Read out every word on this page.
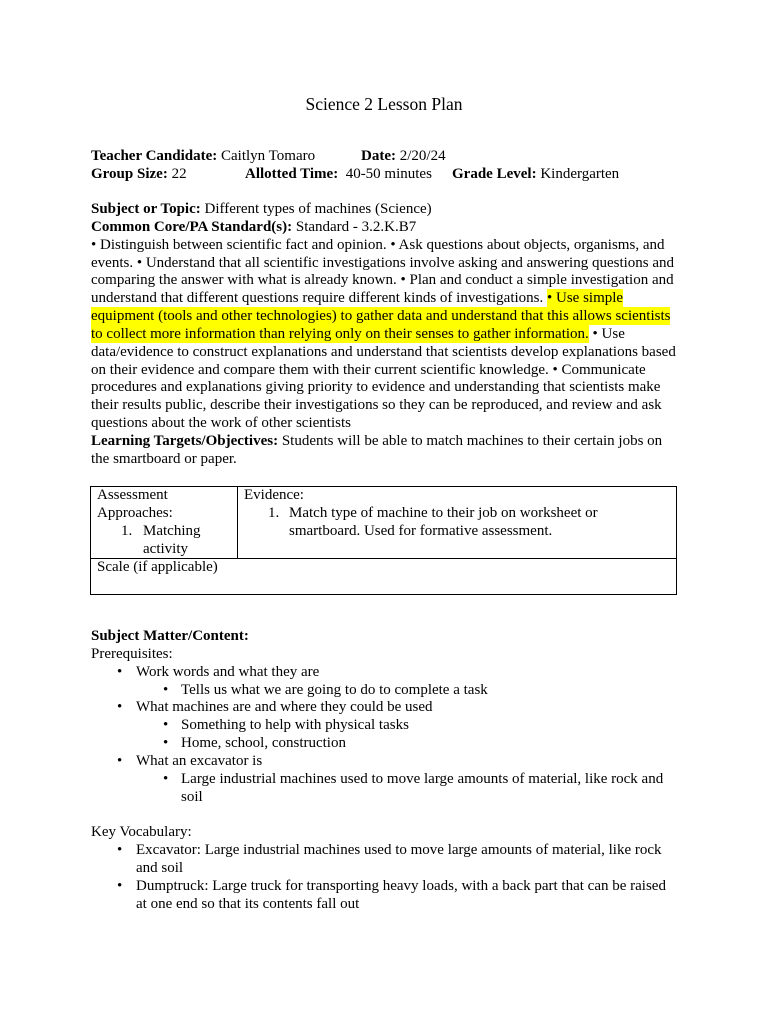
Science 2 Lesson Plan
Teacher Candidate: Caitlyn Tomaro	Date: 2/20/24
Group Size: 22	Allotted Time: 40-50 minutes Grade Level: Kindergarten
Subject or Topic: Different types of machines (Science)
Common Core/PA Standard(s): Standard - 3.2.K.B7
• Distinguish between scientific fact and opinion. • Ask questions about objects, organisms, and
events. • Understand that all scientific investigations involve asking and answering questions and
comparing the answer with what is already known. • Plan and conduct a simple investigation and
understand that different questions require different kinds of investigations. • Use simple
equipment (tools and other technologies) to gather data and understand that this allows scientists
to collect more information than relying only on their senses to gather information. • Use
data/evidence to construct explanations and understand that scientists develop explanations based
on their evidence and compare them with their current scientific knowledge. • Communicate
procedures and explanations giving priority to evidence and understanding that scientists make
their results public, describe their investigations so they can be reproduced, and review and ask
questions about the work of other scientists
Learning Targets/Objectives: Students will be able to match machines to their certain jobs on
the smartboard or paper.
Assessment
Approaches:
1. Matching
activity
Evidence:
1. Match type of machine to their job on worksheet or
smartboard. Used for formative assessment.
Scale (if applicable)
Subject Matter/Content:
Prerequisites:
• Work words and what they are
• Tells us what we are going to do to complete a task
• What machines are and where they could be used
• Something to help with physical tasks
• Home, school, construction
• What an excavator is
• Large industrial machines used to move large amounts of material, like rock and
soil
Key Vocabulary:
• Excavator: Large industrial machines used to move large amounts of material, like rock
and soil
• Dumptruck: Large truck for transporting heavy loads, with a back part that can be raised
at one end so that its contents fall out
